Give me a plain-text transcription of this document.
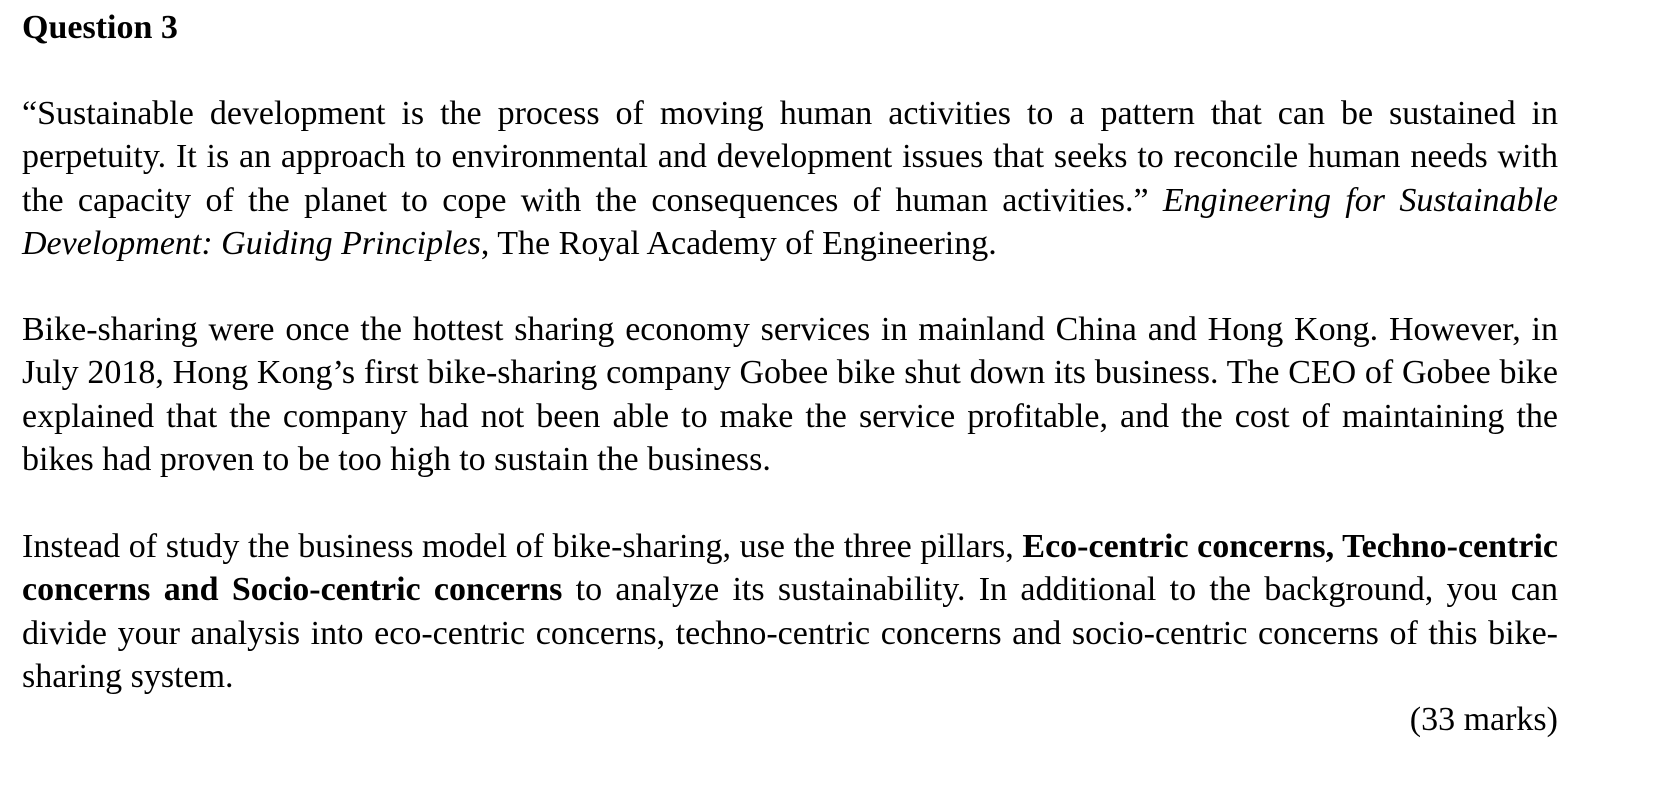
Question 3

“Sustainable development is the process of moving human activities to a pattern that can be sustained in perpetuity. It is an approach to environmental and development issues that seeks to reconcile human needs with the capacity of the planet to cope with the consequences of human activities.” Engineering for Sustainable Development: Guiding Principles, The Royal Academy of Engineering.

Bike-sharing were once the hottest sharing economy services in mainland China and Hong Kong. However, in July 2018, Hong Kong’s first bike-sharing company Gobee bike shut down its business. The CEO of Gobee bike explained that the company had not been able to make the service profitable, and the cost of maintaining the bikes had proven to be too high to sustain the business.

Instead of study the business model of bike-sharing, use the three pillars, Eco-centric concerns, Techno-centric concerns and Socio-centric concerns to analyze its sustainability. In additional to the background, you can divide your analysis into eco-centric concerns, techno-centric concerns and socio-centric concerns of this bike-sharing system.

(33 marks)
